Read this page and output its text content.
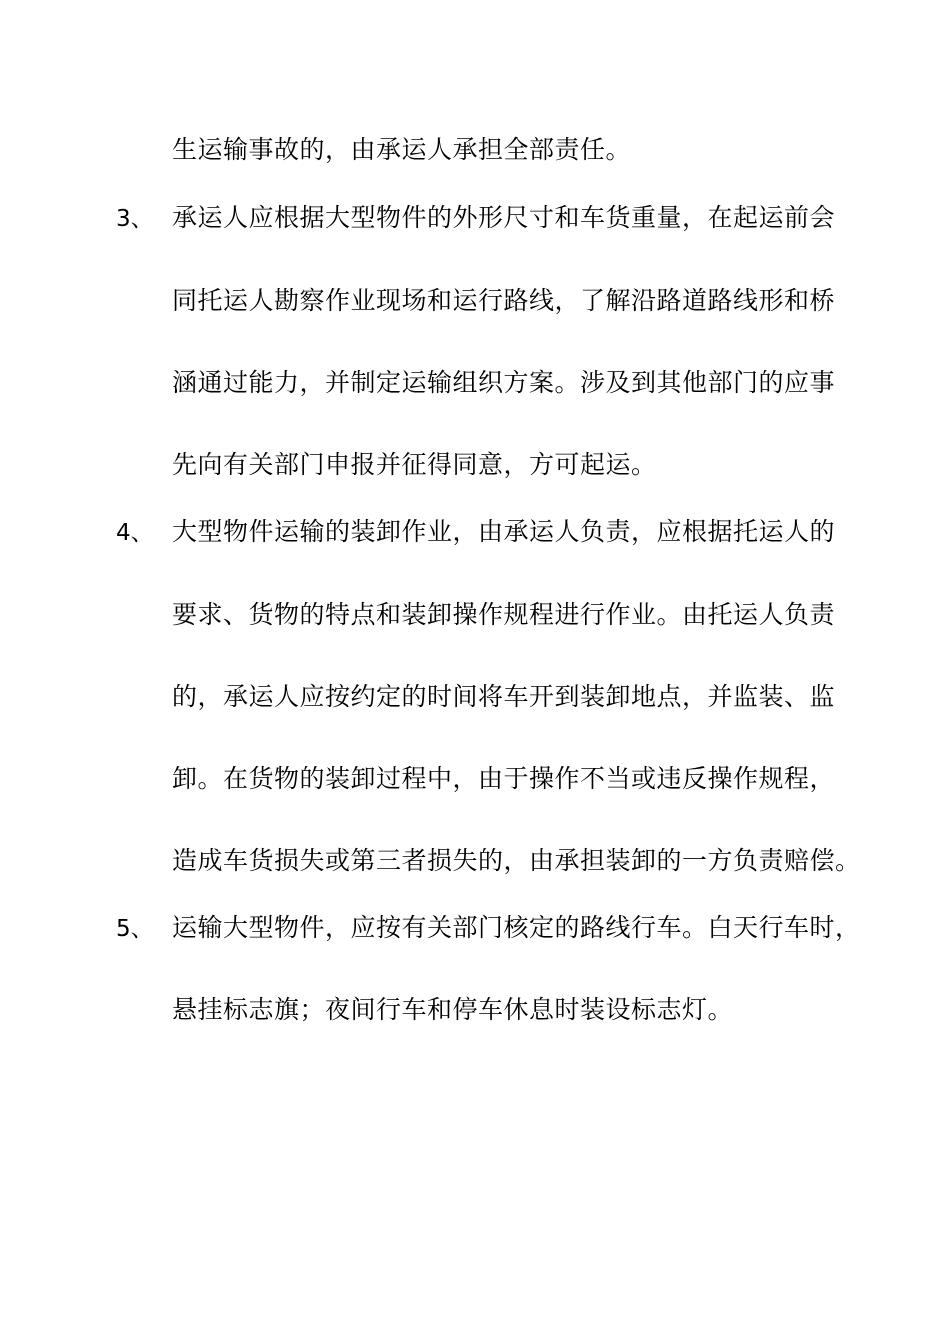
生运输事故的，由承运人承担全部责任。
3、 承运人应根据大型物件的外形尺寸和车货重量，在起运前会
同托运人勘察作业现场和运行路线，了解沿路道路线形和桥
涵通过能力，并制定运输组织方案。涉及到其他部门的应事
先向有关部门申报并征得同意，方可起运。
4、 大型物件运输的装卸作业，由承运人负责，应根据托运人的
要求、货物的特点和装卸操作规程进行作业。由托运人负责
的，承运人应按约定的时间将车开到装卸地点，并监装、监
卸。在货物的装卸过程中，由于操作不当或违反操作规程，
造成车货损失或第三者损失的，由承担装卸的一方负责赔偿。
5、 运输大型物件，应按有关部门核定的路线行车。白天行车时，
悬挂标志旗；夜间行车和停车休息时装设标志灯。
